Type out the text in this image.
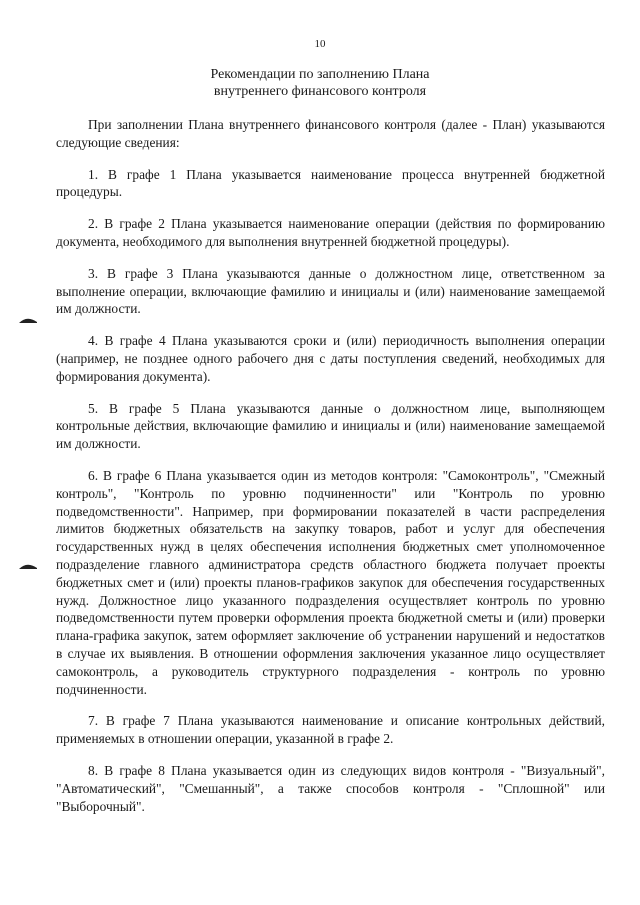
10
Рекомендации по заполнению Плана
внутреннего финансового контроля

При заполнении Плана внутреннего финансового контроля (далее - План) указываются следующие сведения:

1. В графе 1 Плана указывается наименование процесса внутренней бюджетной процедуры.

2. В графе 2 Плана указывается наименование операции (действия по формированию документа, необходимого для выполнения внутренней бюджетной процедуры).

3. В графе 3 Плана указываются данные о должностном лице, ответственном за выполнение операции, включающие фамилию и инициалы и (или) наименование замещаемой им должности.

4. В графе 4 Плана указываются сроки и (или) периодичность выполнения операции (например, не позднее одного рабочего дня с даты поступления сведений, необходимых для формирования документа).

5. В графе 5 Плана указываются данные о должностном лице, выполняющем контрольные действия, включающие фамилию и инициалы и (или) наименование замещаемой им должности.

6. В графе 6 Плана указывается один из методов контроля: "Самоконтроль", "Смежный контроль", "Контроль по уровню подчиненности" или "Контроль по уровню подведомственности". Например, при формировании показателей в части распределения лимитов бюджетных обязательств на закупку товаров, работ и услуг для обеспечения государственных нужд в целях обеспечения исполнения бюджетных смет уполномоченное подразделение главного администратора средств областного бюджета получает проекты бюджетных смет и (или) проекты планов-графиков закупок для обеспечения государственных нужд. Должностное лицо указанного подразделения осуществляет контроль по уровню подведомственности путем проверки оформления проекта бюджетной сметы и (или) проверки плана-графика закупок, затем оформляет заключение об устранении нарушений и недостатков в случае их выявления. В отношении оформления заключения указанное лицо осуществляет самоконтроль, а руководитель структурного подразделения - контроль по уровню подчиненности.

7. В графе 7 Плана указываются наименование и описание контрольных действий, применяемых в отношении операции, указанной в графе 2.

8. В графе 8 Плана указывается один из следующих видов контроля - "Визуальный", "Автоматический", "Смешанный", а также способов контроля - "Сплошной" или "Выборочный".
